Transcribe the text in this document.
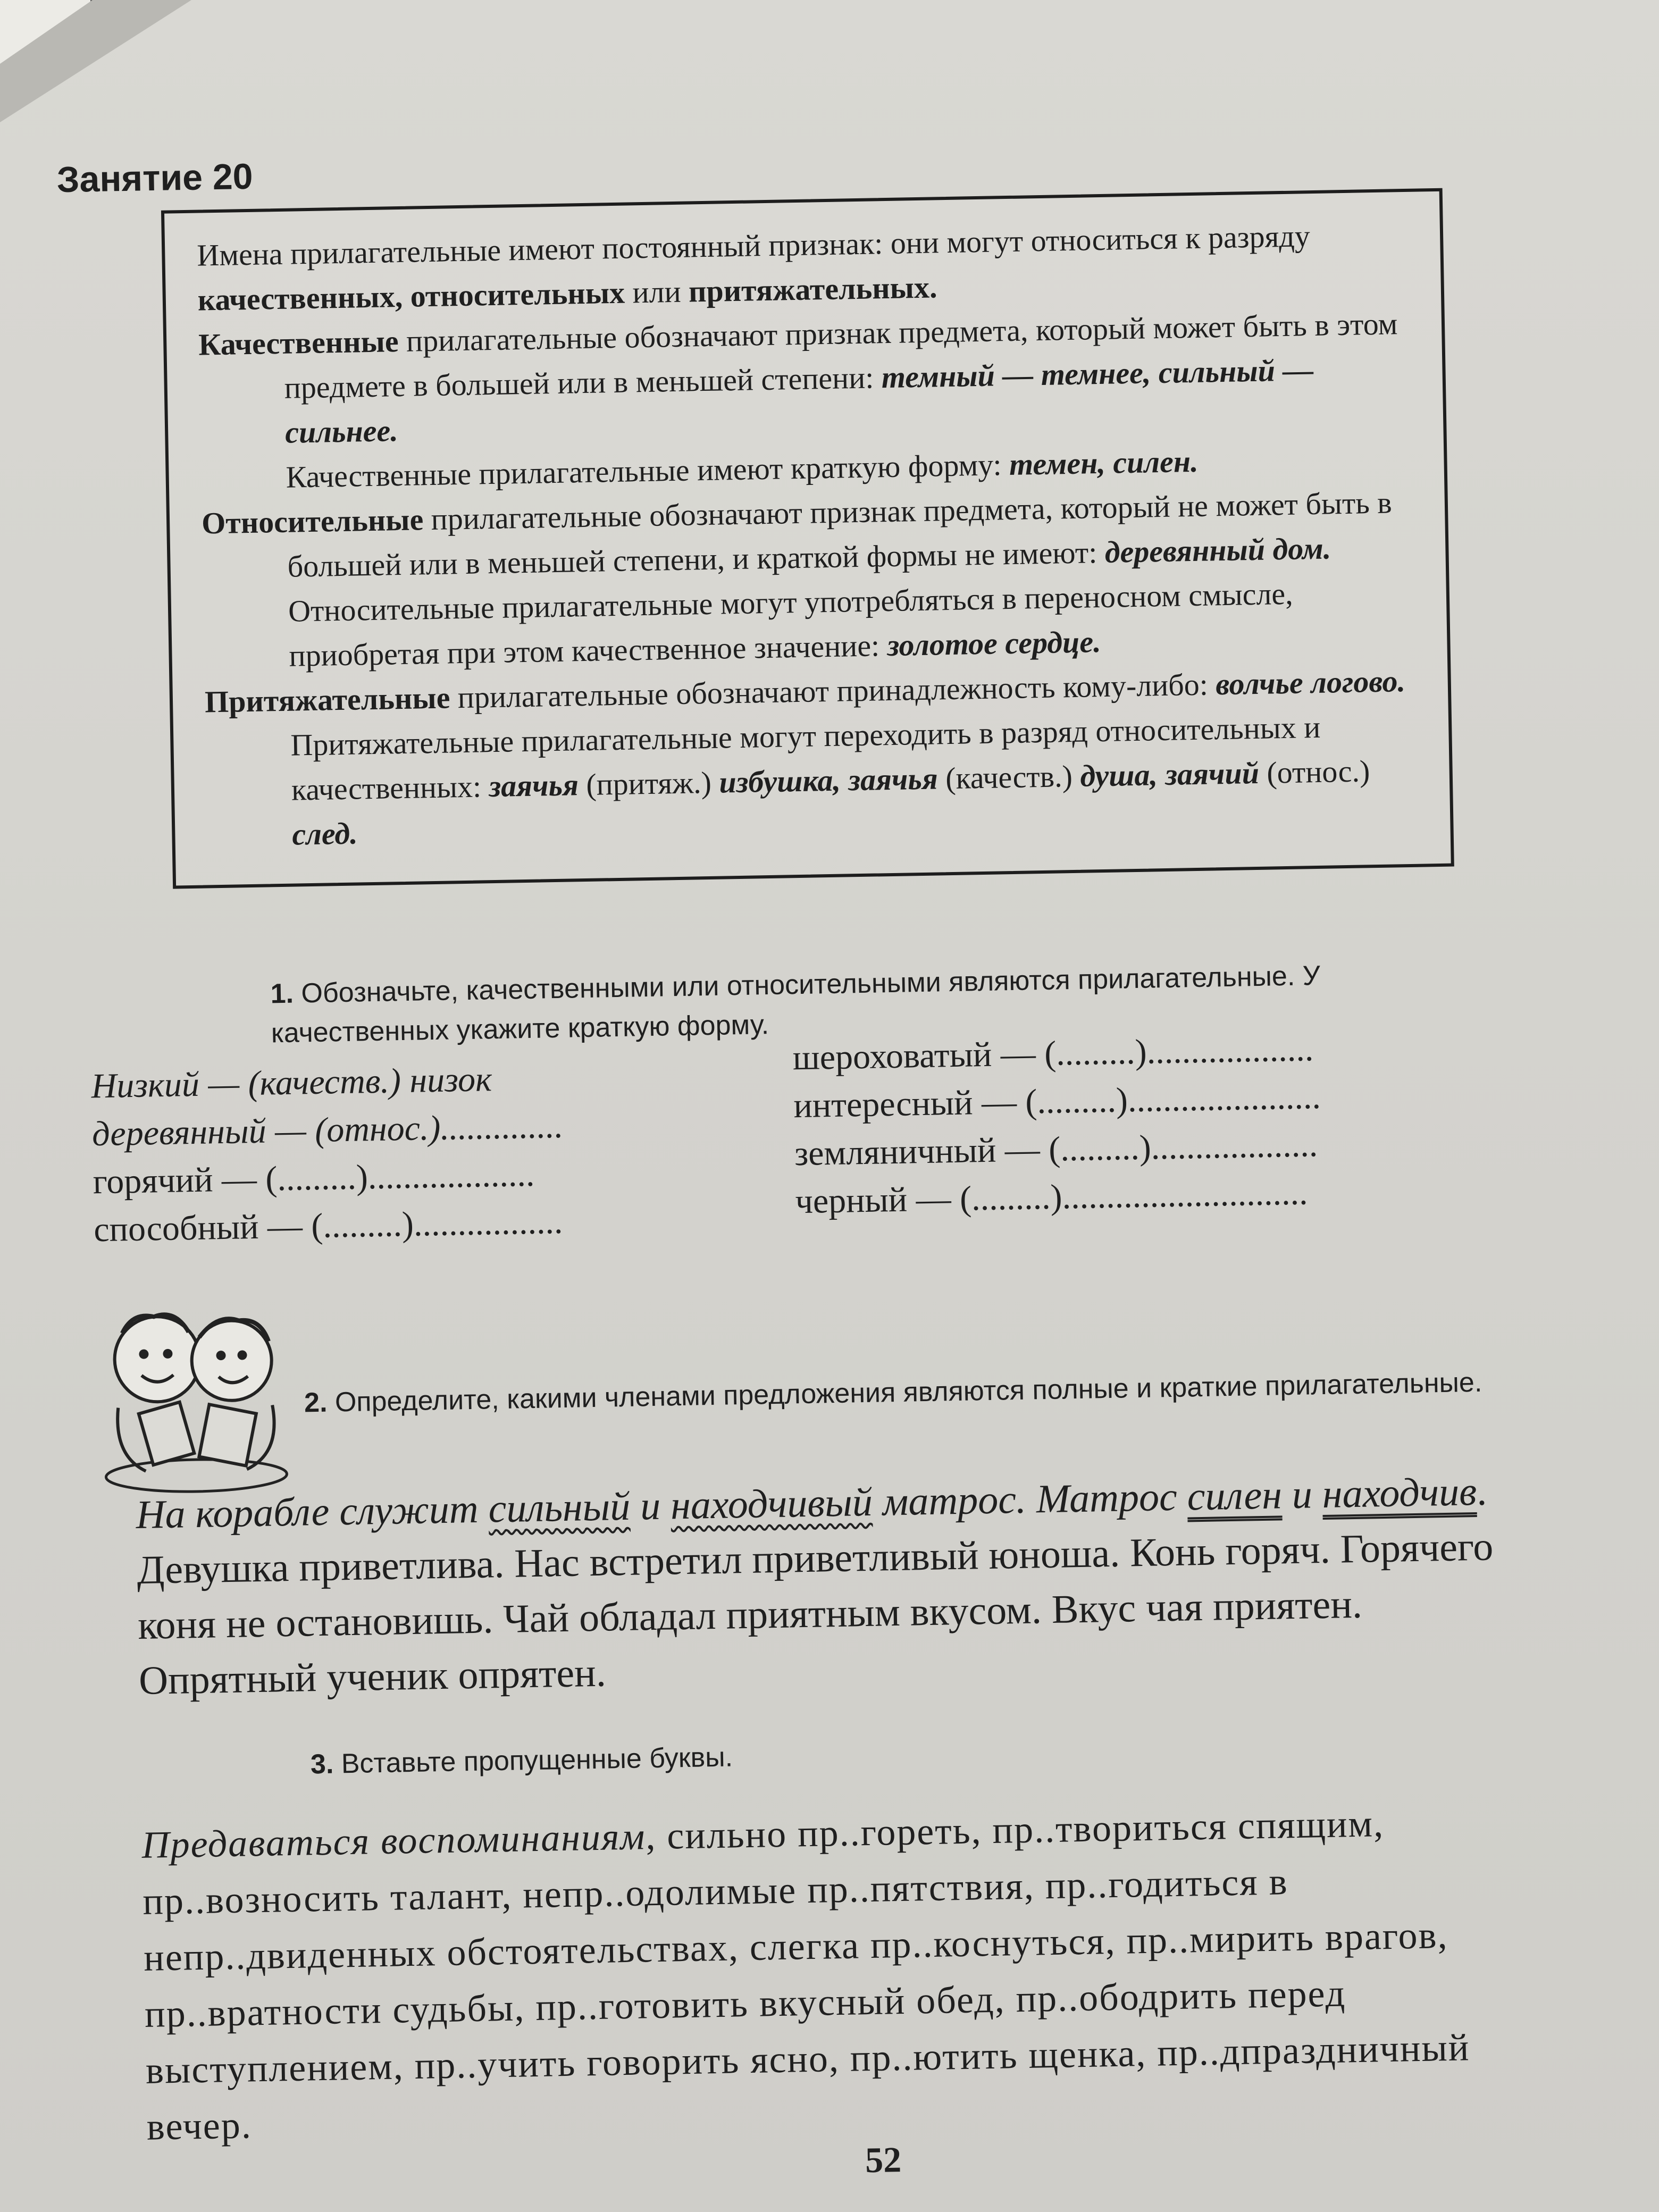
Занятие 20

Имена прилагательные имеют постоянный признак: они могут относиться к разряду качественных, относительных или притяжательных.

Качественные прилагательные обозначают признак предмета, который может быть в этом предмете в большей или в меньшей степени: темный — темнее, сильный — сильнее.

Качественные прилагательные имеют краткую форму: темен, силен.

Относительные прилагательные обозначают признак предмета, который не может быть в большей или в меньшей степени, и краткой формы не имеют: деревянный дом.

Относительные прилагательные могут употребляться в переносном смысле, приобретая при этом качественное значение: золотое сердце.

Притяжательные прилагательные обозначают принадлежность кому-либо: волчье логово.

Притяжательные прилагательные могут переходить в разряд относительных и качественных: заячья (притяж.) избушка, заячья (качеств.) душа, заячий (относ.) след.

1. Обозначьте, качественными или относительными являются прилагательные. У качественных укажите краткую форму.

Низкий — (качеств.) низок
деревянный — (относ.)..............
горячий — (.........)...................
способный — (.........).................
шероховатый — (.........)...................
интересный — (.........)......................
земляничный — (.........)...................
черный — (.........)............................

2. Определите, какими членами предложения являются полные и краткие прилагательные.

На корабле служит сильный и находчивый матрос. Матрос силен и находчив. Девушка приветлива. Нас встретил приветливый юноша. Конь горяч. Горячего коня не остановишь. Чай обладал приятным вкусом. Вкус чая приятен. Опрятный ученик опрятен.

3. Вставьте пропущенные буквы.

Предаваться воспоминаниям, сильно пр..гореть, пр..твориться спящим, пр..возносить талант, непр..одолимые пр..пятствия, пр..годиться в непр..двиденных обстоятельствах, слегка пр..коснуться, пр..мирить врагов, пр..вратности судьбы, пр..готовить вкусный обед, пр..ободрить перед выступлением, пр..учить говорить ясно, пр..ютить щенка, пр..дпраздничный вечер.

52
